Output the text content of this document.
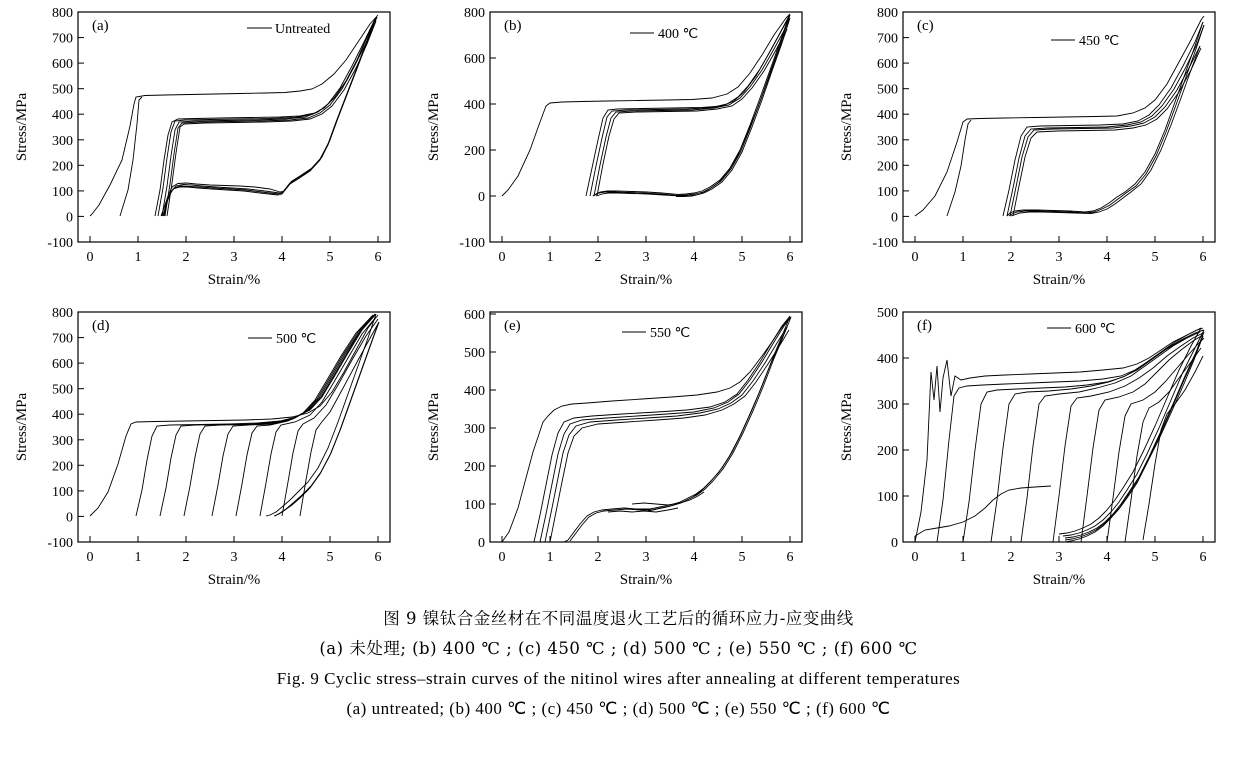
-100
0
100
200
300
400
500
600
700
800
0	1	2	3	4	5	6
Strain/%
Stress/MPa
(a)	Untreated
-100
0
200
400
600
800
0	1	2	3	4	5	6
Strain/%
Stress/MPa
(b)
400 ℃
-100
0
100
200
300
400
500
600
700
800
0	1	2	3	4	5	6
Strain/%
Stress/MPa
(c)
450 ℃
-100
0
100
200
300
400
500
600
700
800
0	1	2	3	4	5	6
Strain/%
Stress/MPa
(d)
500 ℃
0
100
200
300
400
500
600
0	1	2	3	4	5	6
Strain/%
Stress/MPa
(e)	550 ℃
0
100
200
300
400
500
0	1	2	3	4	5	6
Strain/%
Stress/MPa
(f)	600 ℃
图 9 镍钛合金丝材在不同温度退火工艺后的循环应力-应变曲线
(a) 未处理; (b) 400 ℃ ; (c) 450 ℃ ; (d) 500 ℃ ; (e) 550 ℃ ; (f) 600 ℃
Fig. 9 Cyclic stress–strain curves of the nitinol wires after annealing at different temperatures
(a) untreated; (b) 400 ℃ ; (c) 450 ℃ ; (d) 500 ℃ ; (e) 550 ℃ ; (f) 600 ℃
